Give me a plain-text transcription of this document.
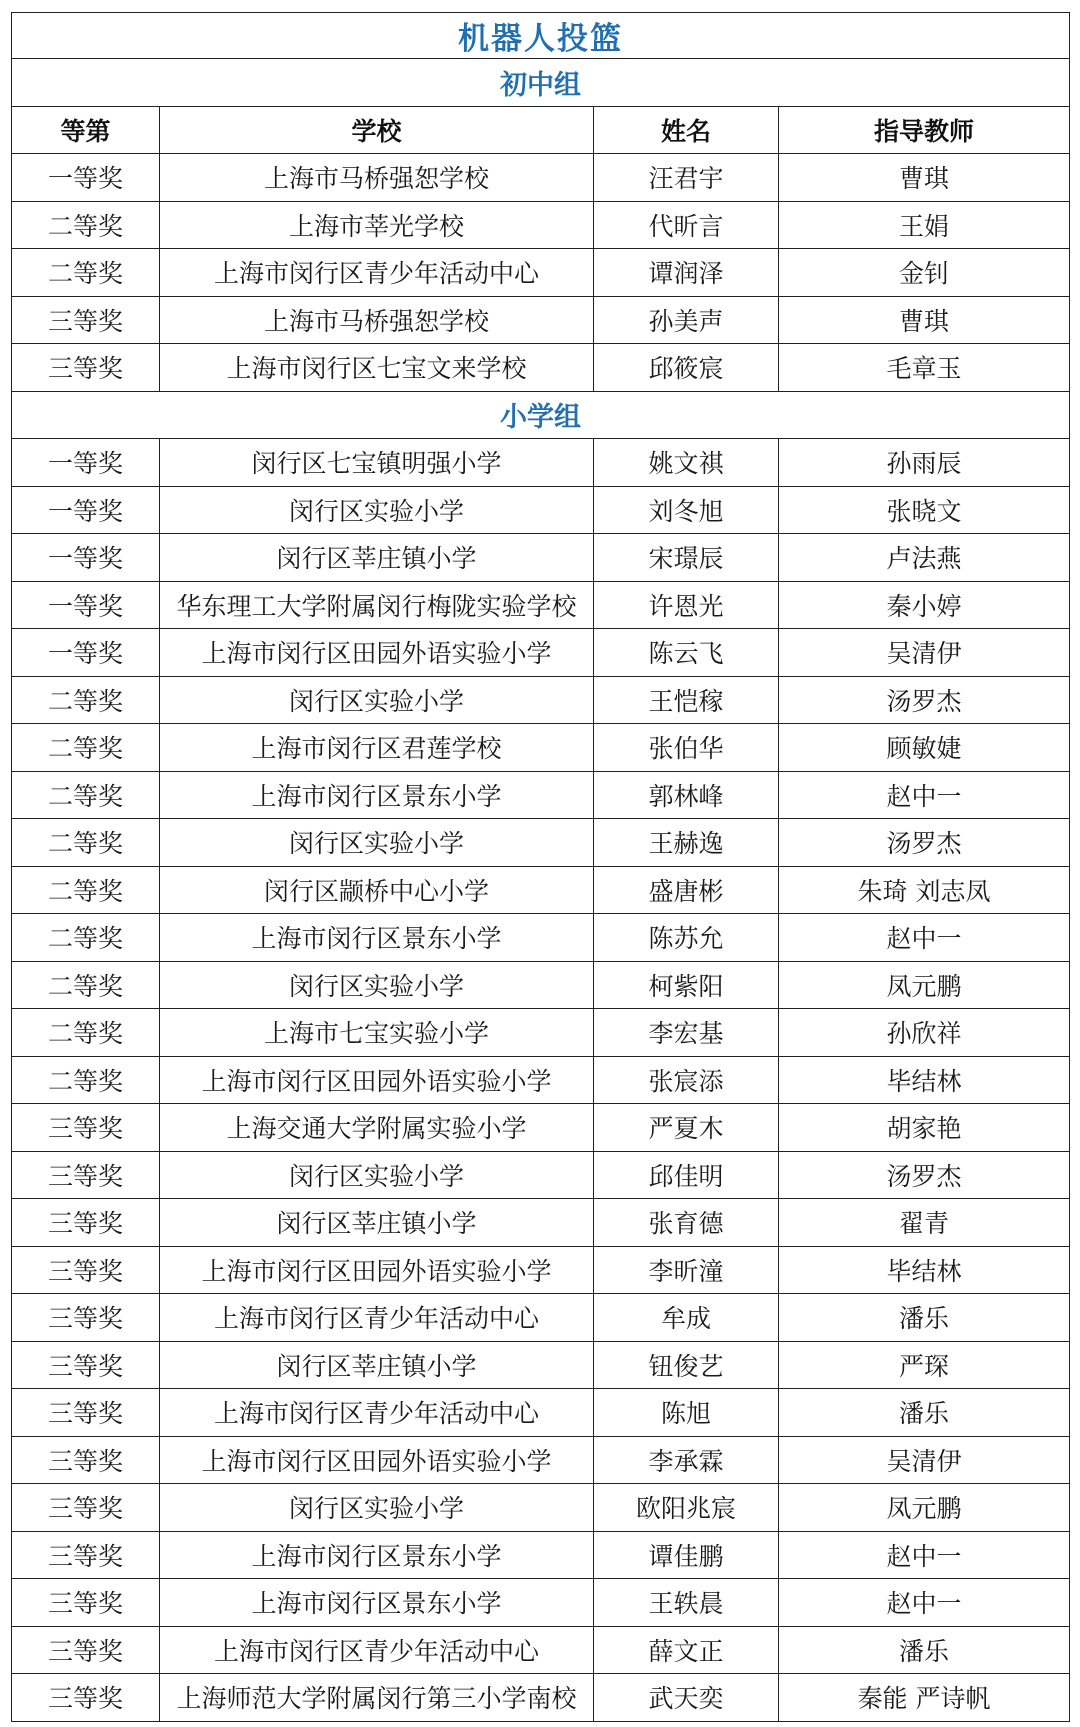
机器人投篮			
初中组			
等第	学校	姓名	指导教师
一等奖	上海市马桥强恕学校	汪君宇	曹琪
二等奖	上海市莘光学校	代昕言	王娟
二等奖	上海市闵行区青少年活动中心	谭润泽	金钊
三等奖	上海市马桥强恕学校	孙美声	曹琪
三等奖	上海市闵行区七宝文来学校	邱筱宸	毛章玉
小学组			
一等奖	闵行区七宝镇明强小学	姚文祺	孙雨辰
一等奖	闵行区实验小学	刘冬旭	张晓文
一等奖	闵行区莘庄镇小学	宋璟辰	卢法燕
一等奖	华东理工大学附属闵行梅陇实验学校	许恩光	秦小婷
一等奖	上海市闵行区田园外语实验小学	陈云飞	吴清伊
二等奖	闵行区实验小学	王恺稼	汤罗杰
二等奖	上海市闵行区君莲学校	张伯华	顾敏婕
二等奖	上海市闵行区景东小学	郭林峰	赵中一
二等奖	闵行区实验小学	王赫逸	汤罗杰
二等奖	闵行区颛桥中心小学	盛唐彬	朱琦 刘志凤
二等奖	上海市闵行区景东小学	陈苏允	赵中一
二等奖	闵行区实验小学	柯紫阳	凤元鹏
二等奖	上海市七宝实验小学	李宏基	孙欣祥
二等奖	上海市闵行区田园外语实验小学	张宸添	毕结林
三等奖	上海交通大学附属实验小学	严夏木	胡家艳
三等奖	闵行区实验小学	邱佳明	汤罗杰
三等奖	闵行区莘庄镇小学	张育德	翟青
三等奖	上海市闵行区田园外语实验小学	李昕潼	毕结林
三等奖	上海市闵行区青少年活动中心	牟成	潘乐
三等奖	闵行区莘庄镇小学	钮俊艺	严琛
三等奖	上海市闵行区青少年活动中心	陈旭	潘乐
三等奖	上海市闵行区田园外语实验小学	李承霖	吴清伊
三等奖	闵行区实验小学	欧阳兆宸	凤元鹏
三等奖	上海市闵行区景东小学	谭佳鹏	赵中一
三等奖	上海市闵行区景东小学	王轶晨	赵中一
三等奖	上海市闵行区青少年活动中心	薛文正	潘乐
三等奖	上海师范大学附属闵行第三小学南校	武天奕	秦能 严诗帆
